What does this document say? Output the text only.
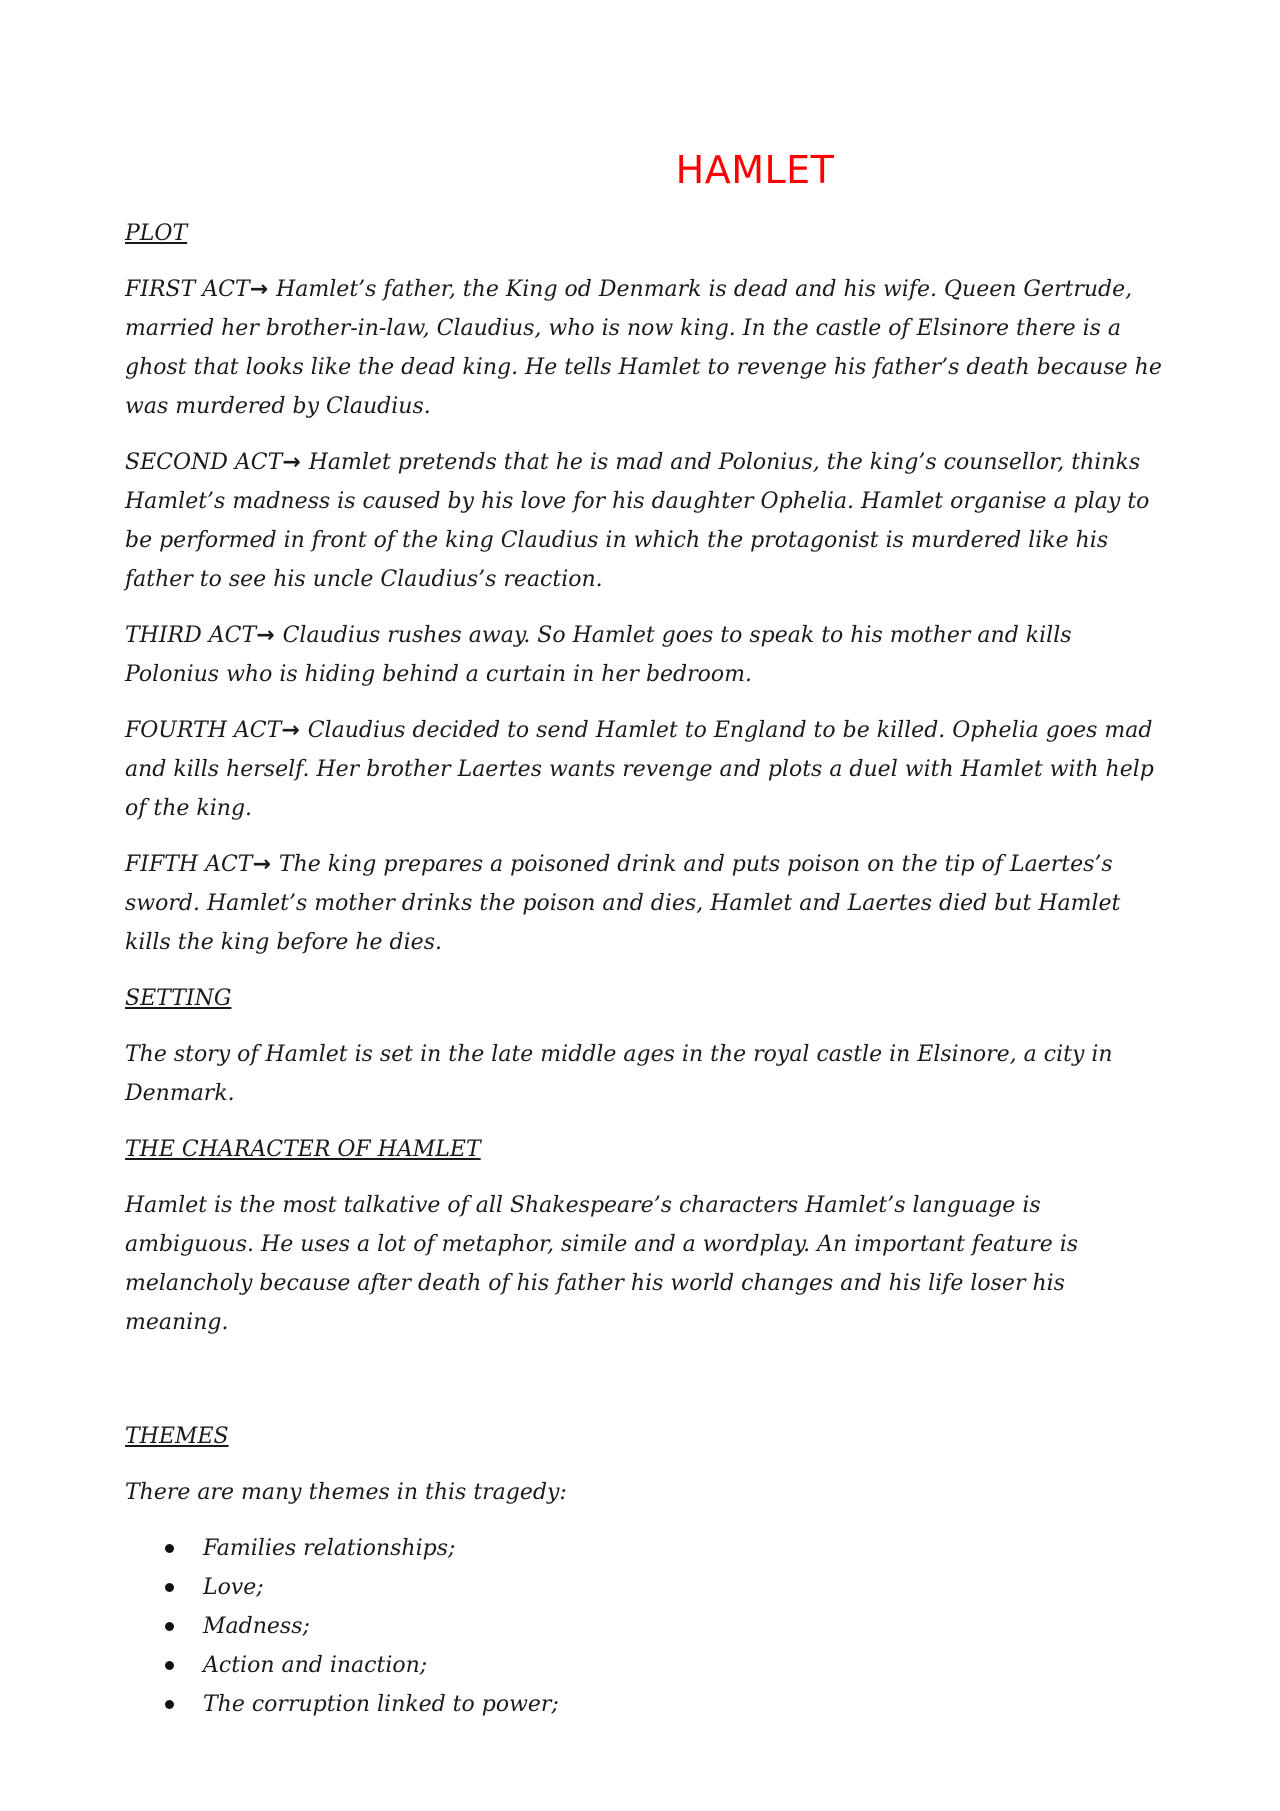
HAMLET
PLOT
FIRST ACT→ Hamlet’s father, the King od Denmark is dead and his wife. Queen Gertrude, married her brother-in-law, Claudius, who is now king. In the castle of Elsinore there is a ghost that looks like the dead king. He tells Hamlet to revenge his father’s death because he was murdered by Claudius.
SECOND ACT→ Hamlet pretends that he is mad and Polonius, the king’s counsellor, thinks Hamlet’s madness is caused by his love for his daughter Ophelia. Hamlet organise a play to be performed in front of the king Claudius in which the protagonist is murdered like his father to see his uncle Claudius’s reaction.
THIRD ACT→ Claudius rushes away. So Hamlet goes to speak to his mother and kills Polonius who is hiding behind a curtain in her bedroom.
FOURTH ACT→ Claudius decided to send Hamlet to England to be killed. Ophelia goes mad and kills herself. Her brother Laertes wants revenge and plots a duel with Hamlet with help of the king.
FIFTH ACT→ The king prepares a poisoned drink and puts poison on the tip of Laertes’s sword. Hamlet’s mother drinks the poison and dies, Hamlet and Laertes died but Hamlet kills the king before he dies.
SETTING
The story of Hamlet is set in the late middle ages in the royal castle in Elsinore, a city in Denmark.
THE CHARACTER OF HAMLET
Hamlet is the most talkative of all Shakespeare’s characters Hamlet’s language is ambiguous. He uses a lot of metaphor, simile and a wordplay. An important feature is melancholy because after death of his father his world changes and his life loser his meaning.
THEMES
There are many themes in this tragedy:
Families relationships;
Love;
Madness;
Action and inaction;
The corruption linked to power;
